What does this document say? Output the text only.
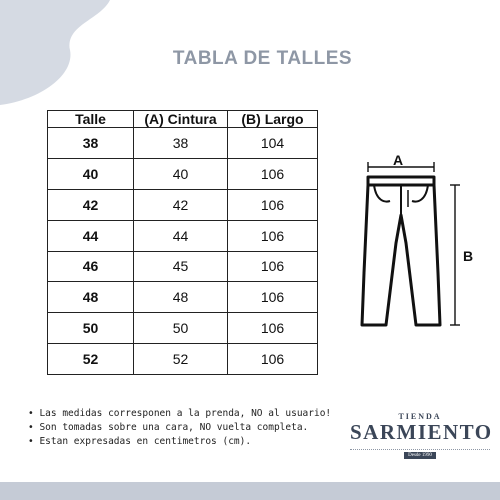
TABLA DE TALLES
Talle	(A) Cintura	(B) Largo
38	38	104
40	40	106
42	42	106
44	44	106
46	45	106
48	48	106
50	50	106
52	52	106
A
B
• Las medidas corresponen a la prenda, NO al usuario!
• Son tomadas sobre una cara, NO vuelta completa.
• Estan expresadas en centimetros (cm).
TIENDA
SARMIENTO
Desde 1990
